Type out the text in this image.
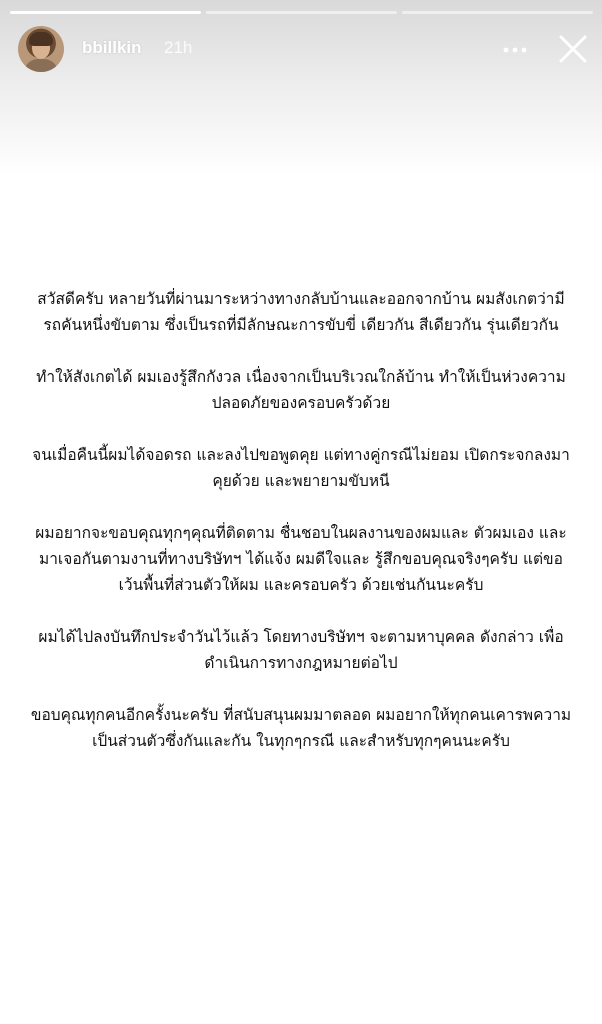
bbillkin 21h

สวัสดีครับ หลายวันที่ผ่านมาระหว่างทางกลับบ้านและออกจากบ้าน ผมสังเกตว่ามีรถคันหนึ่งขับตาม ซึ่งเป็นรถที่มีลักษณะการขับขี่ เดียวกัน สีเดียวกัน รุ่นเดียวกัน

ทำให้สังเกตได้ ผมเองรู้สึกกังวล เนื่องจากเป็นบริเวณใกล้บ้าน ทำให้เป็นห่วงความปลอดภัยของครอบครัวด้วย

จนเมื่อคืนนี้ผมได้จอดรถ และลงไปขอพูดคุย แต่ทางคู่กรณีไม่ยอม เปิดกระจกลงมาคุยด้วย และพยายามขับหนี

ผมอยากจะขอบคุณทุกๆคุณที่ติดตาม ชื่นชอบในผลงานของผมและ ตัวผมเอง และมาเจอกันตามงานที่ทางบริษัทฯ ได้แจ้ง ผมดีใจและ รู้สึกขอบคุณจริงๆครับ แต่ขอเว้นพื้นที่ส่วนตัวให้ผม และครอบครัว ด้วยเช่นกันนะครับ

ผมได้ไปลงบันทึกประจำวันไว้แล้ว โดยทางบริษัทฯ จะตามหาบุคคล ดังกล่าว เพื่อดำเนินการทางกฎหมายต่อไป

ขอบคุณทุกคนอีกครั้งนะครับ ที่สนับสนุนผมมาตลอด ผมอยากให้ทุกคนเคารพความเป็นส่วนตัวซึ่งกันและกัน ในทุกๆกรณี และสำหรับทุกๆคนนะครับ
